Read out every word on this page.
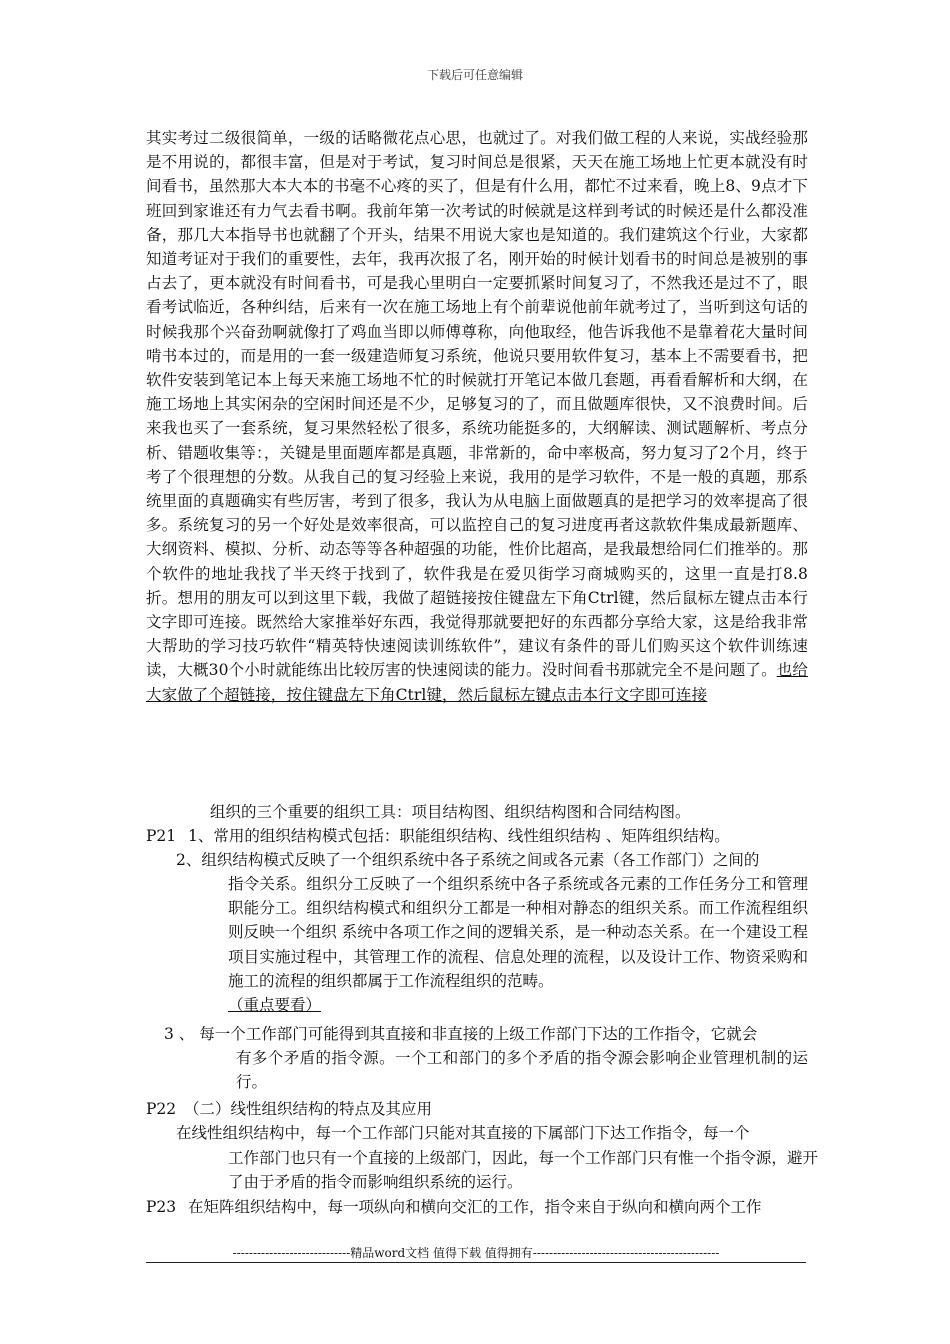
下载后可任意编辑
其实考过二级很简单，一级的话略微花点心思，也就过了。对我们做工程的人来说，实战经验那是不用说的，都很丰富，但是对于考试，复习时间总是很紧，天天在施工场地上忙更本就没有时间看书，虽然那大本大本的书毫不心疼的买了，但是有什么用，都忙不过来看，晚上8、9点才下班回到家谁还有力气去看书啊。我前年第一次考试的时候就是这样到考试的时候还是什么都没准备，那几大本指导书也就翻了个开头，结果不用说大家也是知道的。我们建筑这个行业，大家都知道考证对于我们的重要性，去年，我再次报了名，刚开始的时候计划看书的时间总是被别的事占去了，更本就没有时间看书，可是我心里明白一定要抓紧时间复习了，不然我还是过不了，眼看考试临近，各种纠结，后来有一次在施工场地上有个前辈说他前年就考过了，当听到这句话的时候我那个兴奋劲啊就像打了鸡血当即以师傅尊称，向他取经，他告诉我他不是靠着花大量时间啃书本过的，而是用的一套一级建造师复习系统，他说只要用软件复习，基本上不需要看书，把软件安装到笔记本上每天来施工场地不忙的时候就打开笔记本做几套题，再看看解析和大纲，在施工场地上其实闲杂的空闲时间还是不少，足够复习的了，而且做题库很快，又不浪费时间。后来我也买了一套系统，复习果然轻松了很多，系统功能挺多的，大纲解读、测试题解析、考点分析、错题收集等：，关键是里面题库都是真题，非常新的，命中率极高，努力复习了2个月，终于考了个很理想的分数。从我自己的复习经验上来说，我用的是学习软件，不是一般的真题，那系统里面的真题确实有些厉害，考到了很多，我认为从电脑上面做题真的是把学习的效率提高了很多。系统复习的另一个好处是效率很高，可以监控自己的复习进度再者这款软件集成最新题库、大纲资料、模拟、分析、动态等等各种超强的功能，性价比超高，是我最想给同仁们推举的。那个软件的地址我找了半天终于找到了，软件我是在爱贝街学习商城购买的，这里一直是打8.8折。想用的朋友可以到这里下载，我做了超链接按住键盘左下角Ctrl键，然后鼠标左键点击本行文字即可连接。既然给大家推举好东西，我觉得那就要把好的东西都分享给大家，这是给我非常大帮助的学习技巧软件“精英特快速阅读训练软件”，建议有条件的哥儿们购买这个软件训练速读，大概30个小时就能练出比较厉害的快速阅读的能力。没时间看书那就完全不是问题了。也给大家做了个超链接，按住键盘左下角Ctrl键，然后鼠标左键点击本行文字即可连接
组织的三个重要的组织工具：项目结构图、组织结构图和合同结构图。
P21 1、常用的组织结构模式包括：职能组织结构、线性组织结构 、矩阵组织结构。
2、组织结构模式反映了一个组织系统中各子系统之间或各元素（各工作部门）之间的
指令关系。组织分工反映了一个组织系统中各子系统或各元素的工作任务分工和管理职能分工。组织结构模式和组织分工都是一种相对静态的组织关系。而工作流程组织则反映一个组织 系统中各项工作之间的逻辑关系，是一种动态关系。在一个建设工程项目实施过程中，其管理工作的流程、信息处理的流程，以及设计工作、物资采购和施工的流程的组织都属于工作流程组织的范畴。
（重点要看）
3 、 每一个工作部门可能得到其直接和非直接的上级工作部门下达的工作指令，它就会
有多个矛盾的指令源。一个工和部门的多个矛盾的指令源会影响企业管理机制的运行。
P22 （二）线性组织结构的特点及其应用
在线性组织结构中，每一个工作部门只能对其直接的下属部门下达工作指令，每一个
工作部门也只有一个直接的上级部门，因此，每一个工作部门只有惟一个指令源，避开了由于矛盾的指令而影响组织系统的运行。
P23 在矩阵组织结构中，每一项纵向和横向交汇的工作，指令来自于纵向和横向两个工作
-----------------------------精品word文档 值得下载 值得拥有----------------------------------------------
